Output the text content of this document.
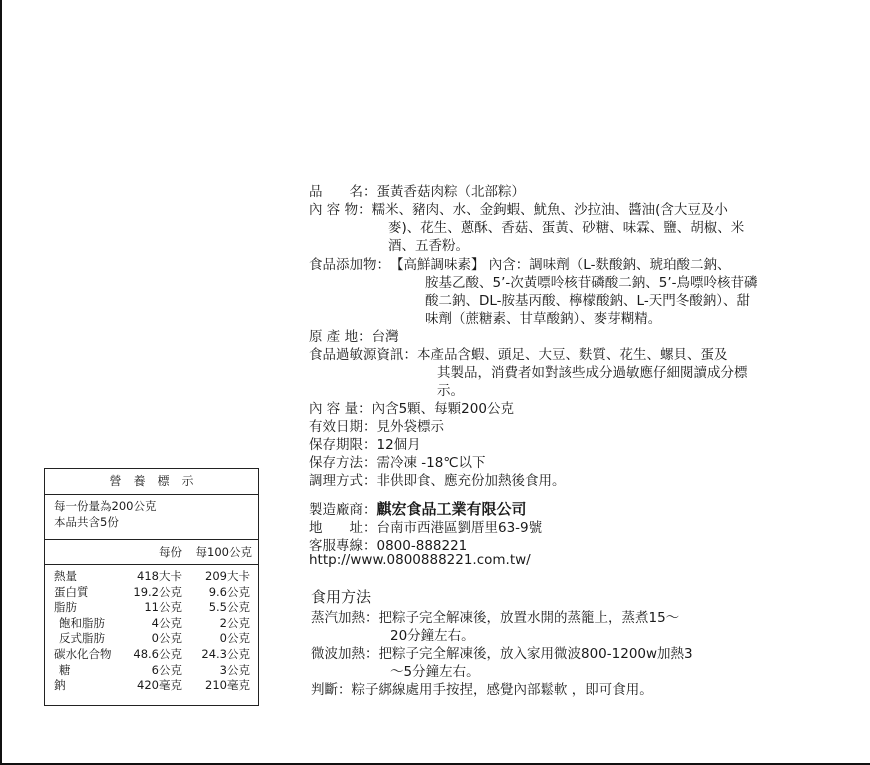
營　養　標　示
每一份量為200公克
本品共含5份
每份 每100公克
熱量	418大卡 209大卡
蛋白質	19.2公克 9.6公克
脂肪	11公克 5.5公克
飽和脂肪	4公克	2公克
反式脂肪	0公克	0公克
碳水化合物 48.6公克 24.3公克
糖	6公克	3公克
鈉	420毫克 210毫克
品　　名：蛋黃香菇肉粽（北部粽）
內 容 物：糯米、豬肉、水、金鉤蝦、魷魚、沙拉油、醬油(含大豆及小
麥)、花生、蔥酥、香菇、蛋黃、砂糖、味霖、鹽、胡椒、米
酒、五香粉。
食品添加物：【高鮮調味素】 內含：調味劑（L-麩酸鈉、琥珀酸二鈉、
胺基乙酸、5’-次黃嘌呤核苷磷酸二鈉、5’-鳥嘌呤核苷磷
酸二鈉、DL-胺基丙酸、檸檬酸鈉、L-天門冬酸鈉）、甜
味劑（蔗糖素、甘草酸鈉）、麥芽糊精。
原 產 地：台灣
食品過敏源資訊：本產品含蝦、頭足、大豆、麩質、花生、螺貝、蛋及
其製品，消費者如對該些成分過敏應仔細閱讀成分標
示。
內 容 量：內含5顆、每顆200公克
有效日期：見外袋標示
保存期限：12個月
保存方法：需冷凍 -18℃以下
調理方式：非供即食、應充份加熱後食用。
製造廠商：麒宏食品工業有限公司
地　　址：台南市西港區劉厝里63-9號
客服專線：0800-888221
http://www.0800888221.com.tw/
食用方法
蒸汽加熱：把粽子完全解凍後，放置水開的蒸籠上，蒸煮15～
20分鐘左右。
微波加熱：把粽子完全解凍後，放入家用微波800-1200w加熱3
～5分鐘左右。
判斷：粽子綁線處用手按捏，感覺內部鬆軟 ，即可食用。
